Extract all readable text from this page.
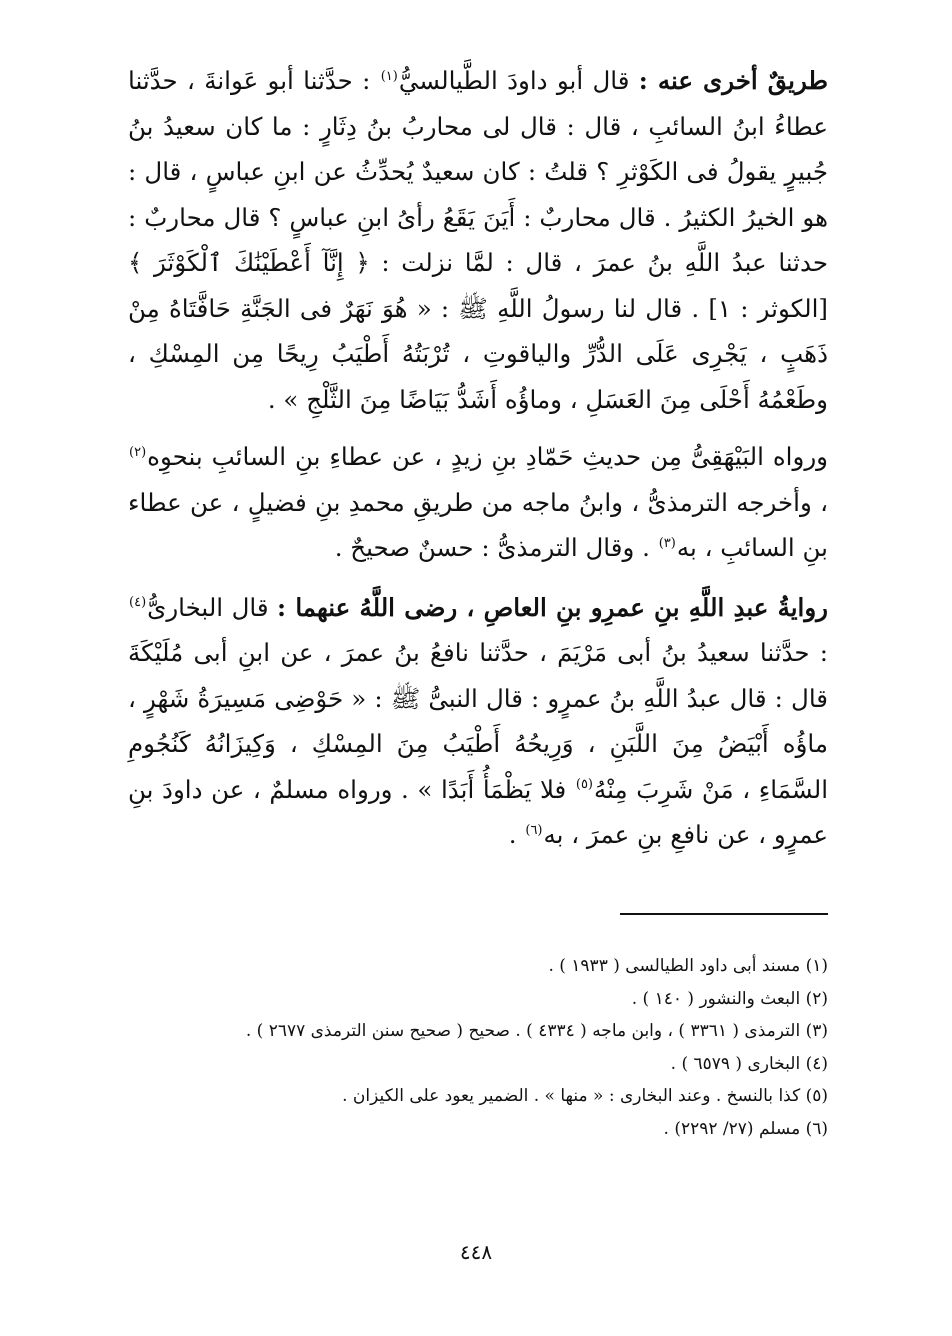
طريقٌ أخرى عنه : قال أبو داودَ الطَّيالسيُّ$^{(١)}$ : حدَّثنا أبو عَوانةَ ، حدَّثنا عطاءُ ابنُ السائبِ ، قال : قال لى محاربُ بنُ دِثَارٍ : ما كان سعيدُ بنُ جُبيرٍ يقولُ فى الكَوْثرِ ؟ قلتُ : كان سعيدٌ يُحدِّثُ عن ابنِ عباسٍ ، قال : هو الخيرُ الكثيرُ . قال محاربٌ : أَيَنَ يَقَعُ رأىُ ابنِ عباسٍ ؟ قال محاربٌ : حدثنا عبدُ اللَّهِ بنُ عمرَ ، قال : لمَّا نزلت : ﴿ إِنَّآ أَعْطَيْنَٰكَ ٱلْكَوْثَرَ ﴾ [الكوثر : ١] . قال لنا رسولُ اللَّهِ ﷺ : « هُوَ نَهَرٌ فى الجَنَّةِ حَافَّتَاهُ مِنْ ذَهَبٍ ، يَجْرِى عَلَى الدُّرِّ والياقوتِ ، تُرْبَتُهُ أَطْيَبُ رِيحًا مِن المِسْكِ ، وطَعْمُهُ أَحْلَى مِنَ العَسَلِ ، وماؤُه أَشَدُّ بَيَاضًا مِنَ الثَّلْجِ » .

ورواه البَيْهَقِىُّ مِن حديثِ حَمّادِ بنِ زيدٍ ، عن عطاءِ بنِ السائبِ بنحوِه$^{(٢)}$ ، وأخرجه الترمذىُّ ، وابنُ ماجه من طريقِ محمدِ بنِ فضيلٍ ، عن عطاء بنِ السائبِ ، به$^{(٣)}$ . وقال الترمذىُّ : حسنٌ صحيحٌ .

روايةُ عبدِ اللَّهِ بنِ عمرِو بنِ العاصِ ، رضى اللَّهُ عنهما : قال البخارىُّ$^{(٤)}$ : حدَّثنا سعيدُ بنُ أبى مَرْيَمَ ، حدَّثنا نافعُ بنُ عمرَ ، عن ابنِ أبى مُلَيْكَةَ قال : قال عبدُ اللَّهِ بنُ عمرٍو : قال النبىُّ ﷺ : « حَوْضِى مَسِيرَةُ شَهْرٍ ، ماؤُه أَبْيَضُ مِنَ اللَّبَنِ ، وَرِيحُهُ أَطْيَبُ مِنَ المِسْكِ ، وَكِيزَانُهُ كَنُجُومِ السَّمَاءِ ، مَنْ شَرِبَ مِنْهُ$^{(٥)}$ فلا يَظْمَأُ أَبَدًا » . ورواه مسلمٌ ، عن داودَ بنِ عمرٍو ، عن نافعِ بنِ عمرَ ، به$^{(٦)}$ .

(١) مسند أبى داود الطيالسى ( ١٩٣٣ ) .
(٢) البعث والنشور ( ١٤٠ ) .
(٣) الترمذى ( ٣٣٦١ ) ، وابن ماجه ( ٤٣٣٤ ) . صحيح ( صحيح سنن الترمذى ٢٦٧٧ ) .
(٤) البخارى ( ٦٥٧٩ ) .
(٥) كذا بالنسخ . وعند البخارى : « منها » . الضمير يعود على الكيزان .
(٦) مسلم (٢٧/ ٢٢٩٢) .
٤٤٨
